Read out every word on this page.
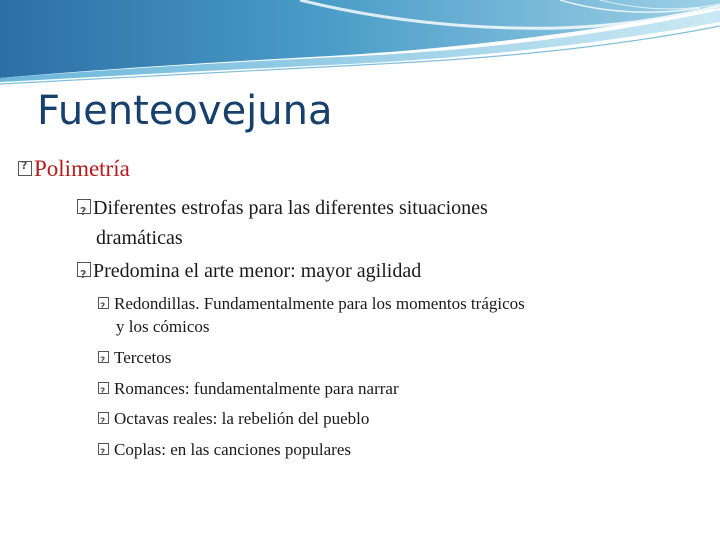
Fuenteovejuna
?Polimetría
?Diferentes estrofas para las diferentes situaciones
dramáticas
?Predomina el arte menor: mayor agilidad
?Redondillas. Fundamentalmente para los momentos trágicos
y los cómicos
?Tercetos
?Romances: fundamentalmente para narrar
?Octavas reales: la rebelión del pueblo
?Coplas: en las canciones populares
